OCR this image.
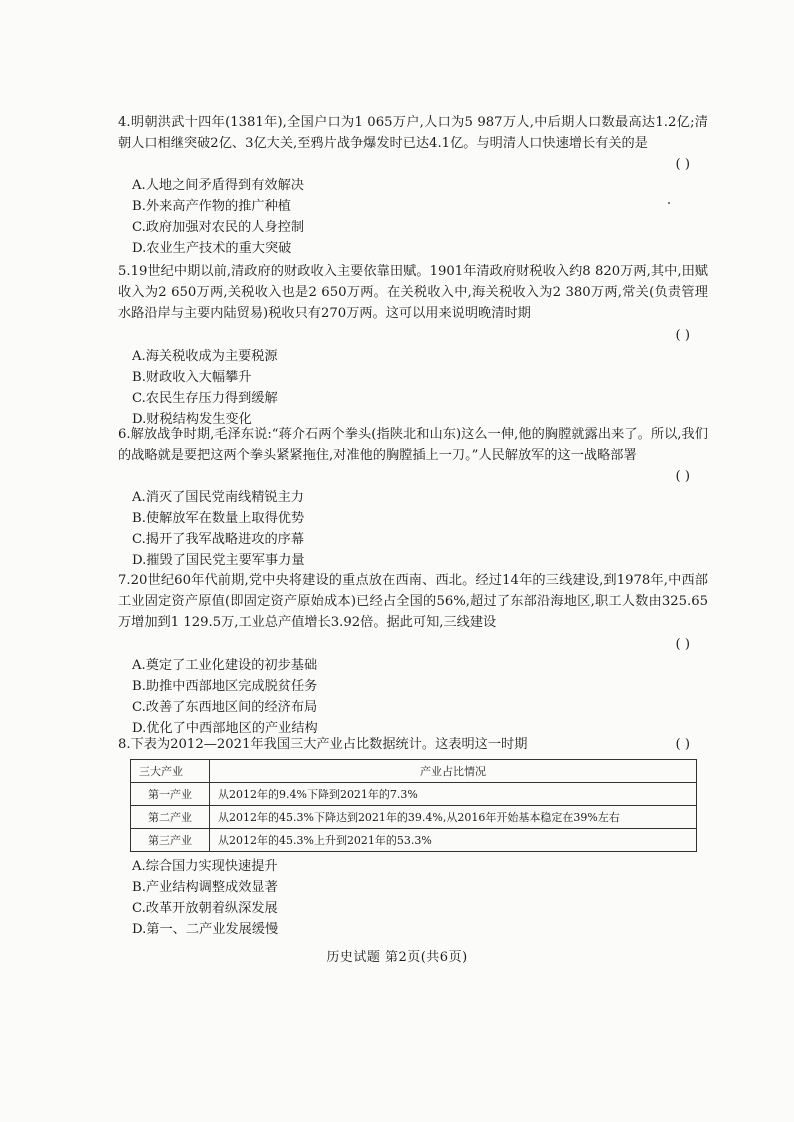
4.明朝洪武十四年(1381年),全国户口为1 065万户,人口为5 987万人,中后期人口数最高达1.2亿;清朝人口相继突破2亿、3亿大关,至鸦片战争爆发时已达4.1亿。与明清人口快速增长有关的是

( )

A.人地之间矛盾得到有效解决

B.外来高产作物的推广种植

C.政府加强对农民的人身控制

D.农业生产技术的重大突破

5.19世纪中期以前,清政府的财政收入主要依靠田赋。1901年清政府财税收入约8 820万两,其中,田赋收入为2 650万两,关税收入也是2 650万两。在关税收入中,海关税收入为2 380万两,常关(负责管理水路沿岸与主要内陆贸易)税收只有270万两。这可以用来说明晚清时期

( )

A.海关税收成为主要税源

B.财政收入大幅攀升

C.农民生存压力得到缓解

D.财税结构发生变化

6.解放战争时期,毛泽东说:“蒋介石两个拳头(指陕北和山东)这么一伸,他的胸膛就露出来了。所以,我们的战略就是要把这两个拳头紧紧拖住,对准他的胸膛插上一刀。”人民解放军的这一战略部署

( )

A.消灭了国民党南线精锐主力

B.使解放军在数量上取得优势

C.揭开了我军战略进攻的序幕

D.摧毁了国民党主要军事力量

7.20世纪60年代前期,党中央将建设的重点放在西南、西北。经过14年的三线建设,到1978年,中西部工业固定资产原值(即固定资产原始成本)已经占全国的56%,超过了东部沿海地区,职工人数由325.65万增加到1 129.5万,工业总产值增长3.92倍。据此可知,三线建设

( )

A.奠定了工业化建设的初步基础

B.助推中西部地区完成脱贫任务

C.改善了东西地区间的经济布局

D.优化了中西部地区的产业结构

8.下表为2012—2021年我国三大产业占比数据统计。这表明这一时期	( )
三大产业	产业占比情况
第一产业	从2012年的9.4%下降到2021年的7.3%
第二产业	从2012年的45.3%下降达到2021年的39.4%,从2016年开始基本稳定在39%左右
第三产业	从2012年的45.3%上升到2021年的53.3%

A.综合国力实现快速提升

B.产业结构调整成效显著

C.改革开放朝着纵深发展

D.第一、二产业发展缓慢

历史试题 第2页(共6页)
